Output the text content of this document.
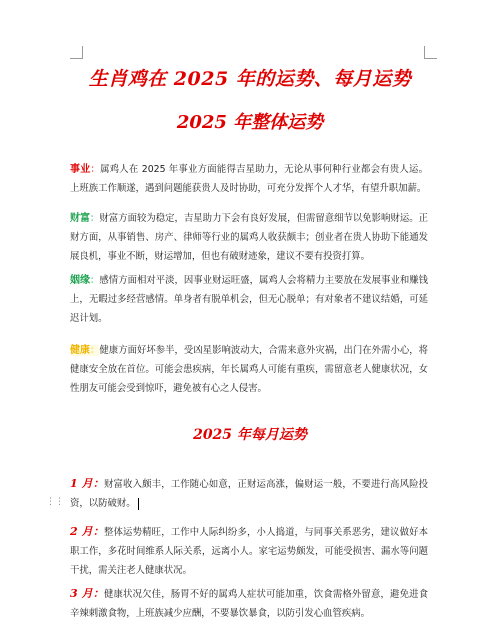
生肖鸡在 2025 年的运势、每月运势
2025 年整体运势
事业：属鸡人在 2025 年事业方面能得吉星助力，无论从事何种行业都会有贵人运。上班族工作顺遂，遇到问题能获贵人及时协助，可充分发挥个人才华，有望升职加薪。
财富：财富方面较为稳定，吉星助力下会有良好发展，但需留意细节以免影响财运。正财方面，从事销售、房产、律师等行业的属鸡人收获颇丰；创业者在贵人协助下能通发展良机，事业不断，财运增加，但也有破财迹象，建议不要有投资打算。
姻缘：感情方面相对平淡，因事业财运旺盛，属鸡人会将精力主要放在发展事业和赚钱上，无暇过多经营感情。单身者有脱单机会，但无心脱单；有对象者不建议结婚，可延迟计划。
健康：健康方面好坏参半，受凶星影响波动大，合需来意外灾祸，出门在外需小心，将健康安全放在首位。可能会患疾病，年长属鸡人可能有重疾，需留意老人健康状况，女性朋友可能会受到惊吓，避免被有心之人侵害。
2025 年每月运势
⋮⋮
1 月：财富收入颇丰，工作随心如意，正财运高涨，偏财运一般，不要进行高风险投资，以防破财。
2 月：整体运势精旺，工作中人际纠纷多，小人捣道，与同事关系恶劣，建议做好本职工作，多花时间维系人际关系，远离小人。家宅运势颇发，可能受损害、漏水等问题干扰，需关注老人健康状况。
3 月：健康状况欠佳，肠胃不好的属鸡人症状可能加重，饮食需格外留意，避免进食辛辣刺激食物，上班族减少应酬，不要暴饮暴食，以防引发心血管疾病。
